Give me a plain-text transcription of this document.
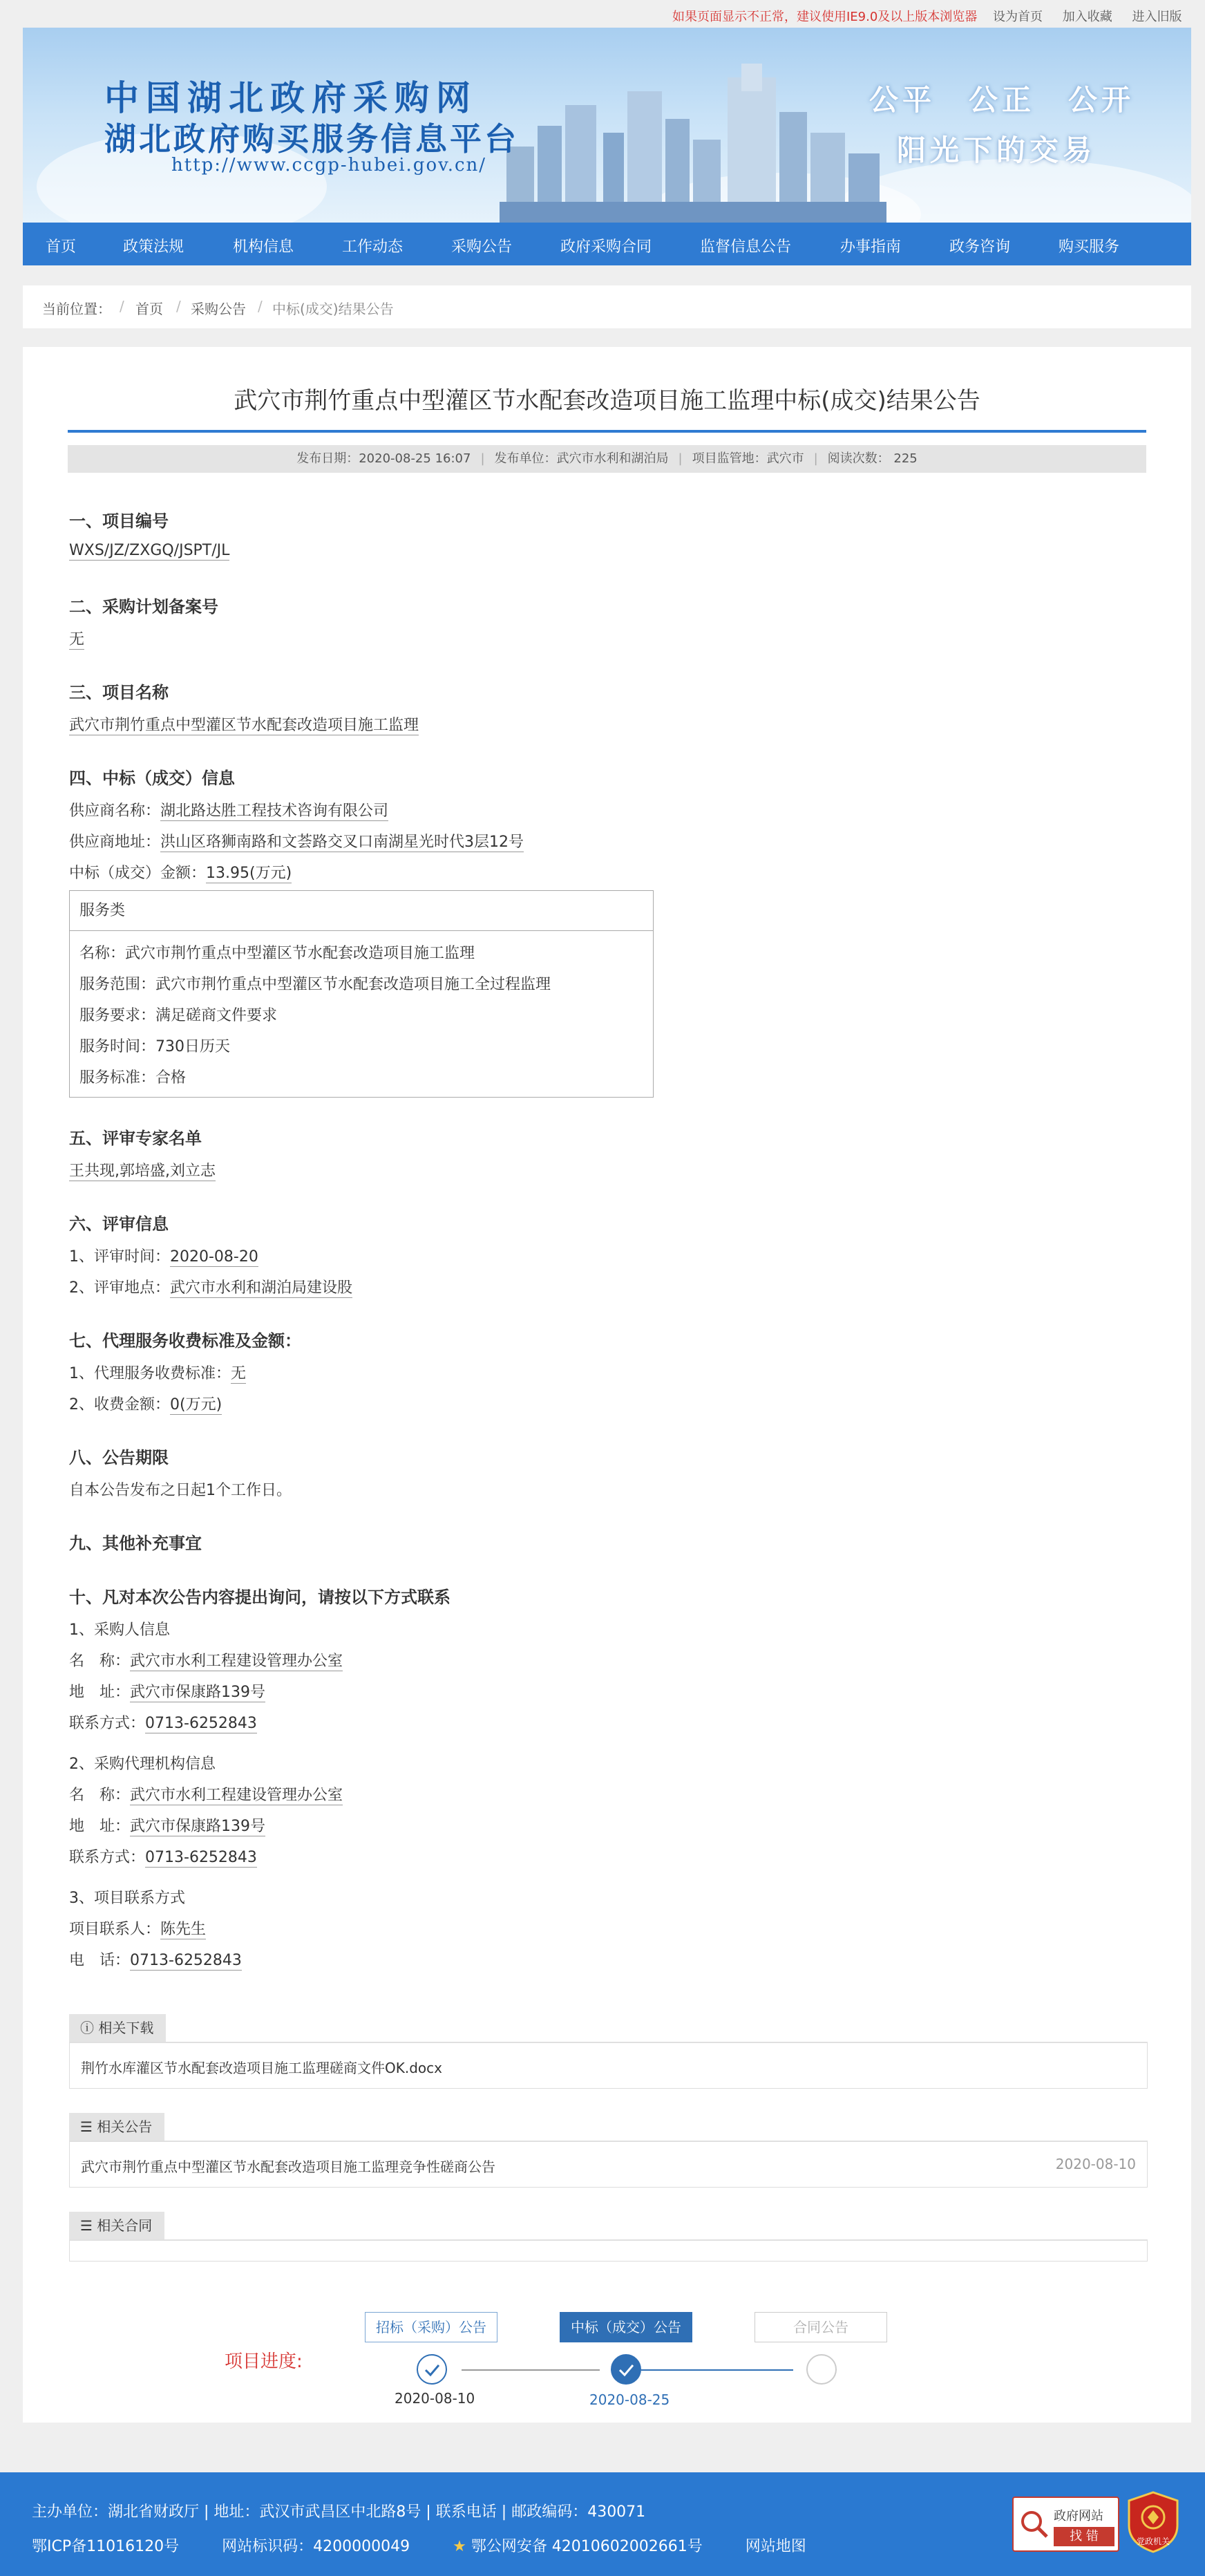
如果页面显示不正常，建议使用IE9.0及以上版本浏览器 设为首页 加入收藏 进入旧版
中国湖北政府采购网
湖北政府购买服务信息平台
http://www.ccgp-hubei.gov.cn/
公平　公正　公开
阳光下的交易
首页	政策法规	机构信息	工作动态	采购公告	政府采购合同	监督信息公告	办事指南	政务咨询	购买服务
当前位置： / 首页 / 采购公告 / 中标(成交)结果公告
武穴市荆竹重点中型灌区节水配套改造项目施工监理中标(成交)结果公告
发布日期：2020-08-25 16:07 | 发布单位：武穴市水利和湖泊局 | 项目监管地：武穴市 | 阅读次数： 225
一、项目编号
WXS/JZ/ZXGQ/JSPT/JL
二、采购计划备案号
无
三、项目名称
武穴市荆竹重点中型灌区节水配套改造项目施工监理
四、中标（成交）信息
供应商名称：湖北路达胜工程技术咨询有限公司
供应商地址：洪山区珞狮南路和文荟路交叉口南湖星光时代3层12号
中标（成交）金额：13.95(万元)
服务类
名称：武穴市荆竹重点中型灌区节水配套改造项目施工监理
服务范围：武穴市荆竹重点中型灌区节水配套改造项目施工全过程监理
服务要求：满足磋商文件要求
服务时间：730日历天
服务标准：合格
五、评审专家名单
王共现,郭培盛,刘立志
六、评审信息
1、评审时间：2020-08-20
2、评审地点：武穴市水利和湖泊局建设股
七、代理服务收费标准及金额：
1、代理服务收费标准：无
2、收费金额：0(万元)
八、公告期限
自本公告发布之日起1个工作日。
九、其他补充事宜
十、凡对本次公告内容提出询问，请按以下方式联系
1、采购人信息
名　称：武穴市水利工程建设管理办公室
地　址：武穴市保康路139号
联系方式：0713-6252843
2、采购代理机构信息
名　称：武穴市水利工程建设管理办公室
地　址：武穴市保康路139号
联系方式：0713-6252843
3、项目联系方式
项目联系人：陈先生
电　话：0713-6252843
ⓘ 相关下载
荆竹水库灌区节水配套改造项目施工监理磋商文件OK.docx
☰ 相关公告
武穴市荆竹重点中型灌区节水配套改造项目施工监理竞争性磋商公告	2020-08-10
☰ 相关合同
项目进度:
招标（采购）公告	中标（成交）公告	合同公告
2020-08-10	2020-08-25
主办单位：湖北省财政厅 | 地址：武汉市武昌区中北路8号 | 联系电话 | 邮政编码：430071
鄂ICP备11016120号	网站标识码：4200000049	★ 鄂公网安备 42010602002661号	网站地图
政府网站
找 错	党政机关
